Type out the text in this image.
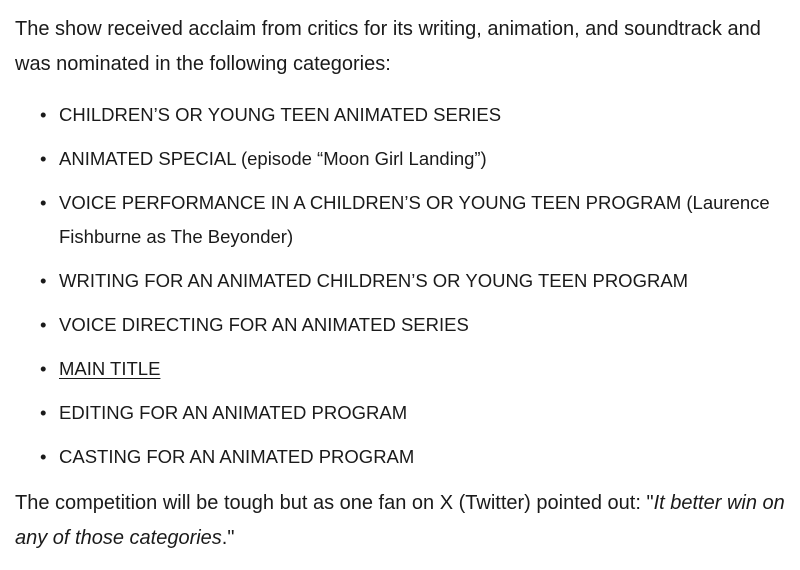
The show received acclaim from critics for its writing, animation, and soundtrack and was nominated in the following categories:

• CHILDREN’S OR YOUNG TEEN ANIMATED SERIES
• ANIMATED SPECIAL (episode “Moon Girl Landing”)
• VOICE PERFORMANCE IN A CHILDREN’S OR YOUNG TEEN PROGRAM (Laurence Fishburne as The Beyonder)
• WRITING FOR AN ANIMATED CHILDREN’S OR YOUNG TEEN PROGRAM
• VOICE DIRECTING FOR AN ANIMATED SERIES
• MAIN TITLE
• EDITING FOR AN ANIMATED PROGRAM
• CASTING FOR AN ANIMATED PROGRAM

The competition will be tough but as one fan on X (Twitter) pointed out: "It better win on any of those categories."
